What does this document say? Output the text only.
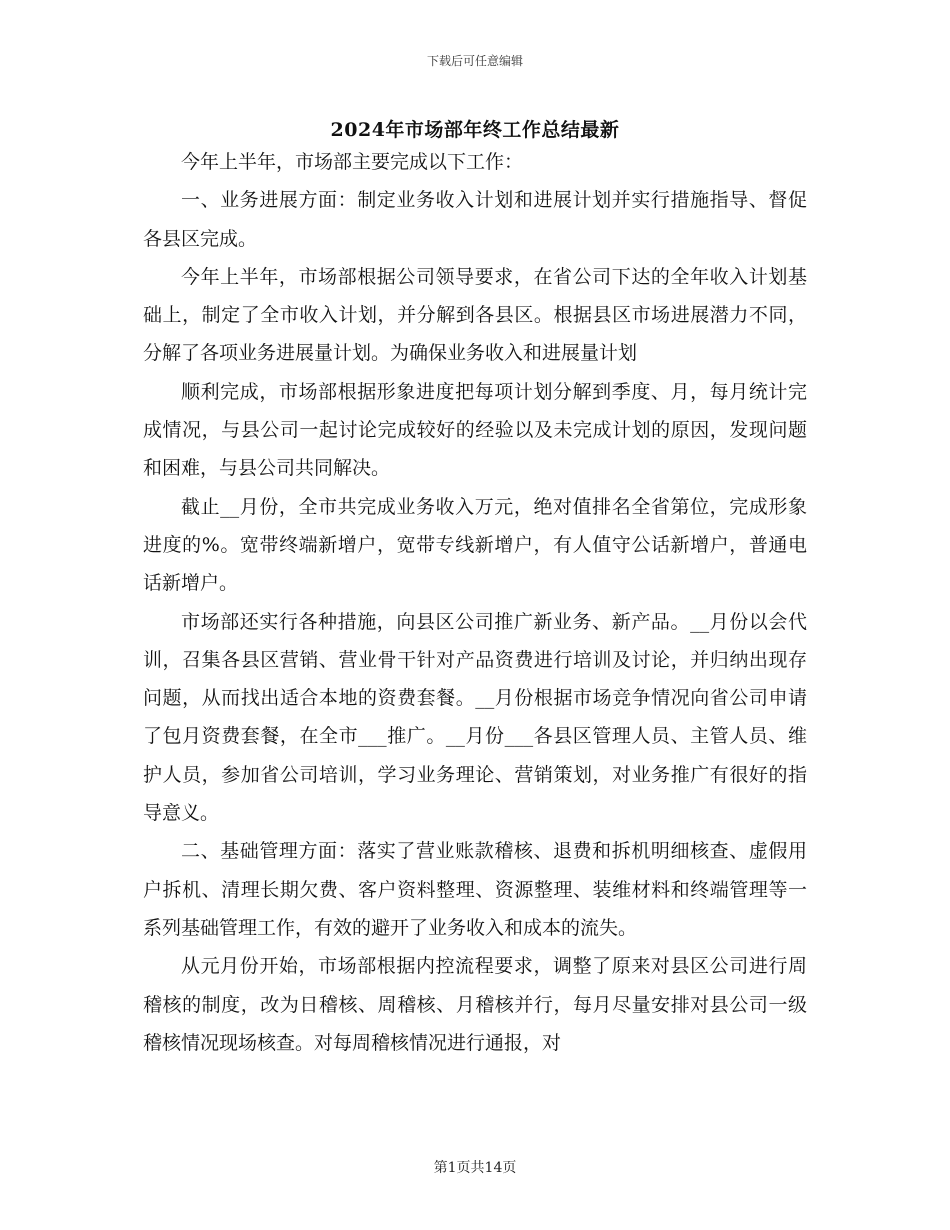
下载后可任意编辑
2024年市场部年终工作总结最新

今年上半年，市场部主要完成以下工作：

一、业务进展方面：制定业务收入计划和进展计划并实行措施指导、督促各县区完成。

今年上半年，市场部根据公司领导要求，在省公司下达的全年收入计划基础上，制定了全市收入计划，并分解到各县区。根据县区市场进展潜力不同，分解了各项业务进展量计划。为确保业务收入和进展量计划

顺利完成，市场部根据形象进度把每项计划分解到季度、月，每月统计完成情况，与县公司一起讨论完成较好的经验以及未完成计划的原因，发现问题和困难，与县公司共同解决。

截止__月份，全市共完成业务收入万元，绝对值排名全省第位，完成形象进度的%。宽带终端新增户，宽带专线新增户，有人值守公话新增户，普通电话新增户。

市场部还实行各种措施，向县区公司推广新业务、新产品。__月份以会代训，召集各县区营销、营业骨干针对产品资费进行培训及讨论，并归纳出现存问题，从而找出适合本地的资费套餐。__月份根据市场竞争情况向省公司申请了包月资费套餐，在全市___推广。__月份___各县区管理人员、主管人员、维护人员，参加省公司培训，学习业务理论、营销策划，对业务推广有很好的指导意义。

二、基础管理方面：落实了营业账款稽核、退费和拆机明细核查、虚假用户拆机、清理长期欠费、客户资料整理、资源整理、装维材料和终端管理等一系列基础管理工作，有效的避开了业务收入和成本的流失。

从元月份开始，市场部根据内控流程要求，调整了原来对县区公司进行周稽核的制度，改为日稽核、周稽核、月稽核并行，每月尽量安排对县公司一级稽核情况现场核查。对每周稽核情况进行通报，对

第1页共14页
